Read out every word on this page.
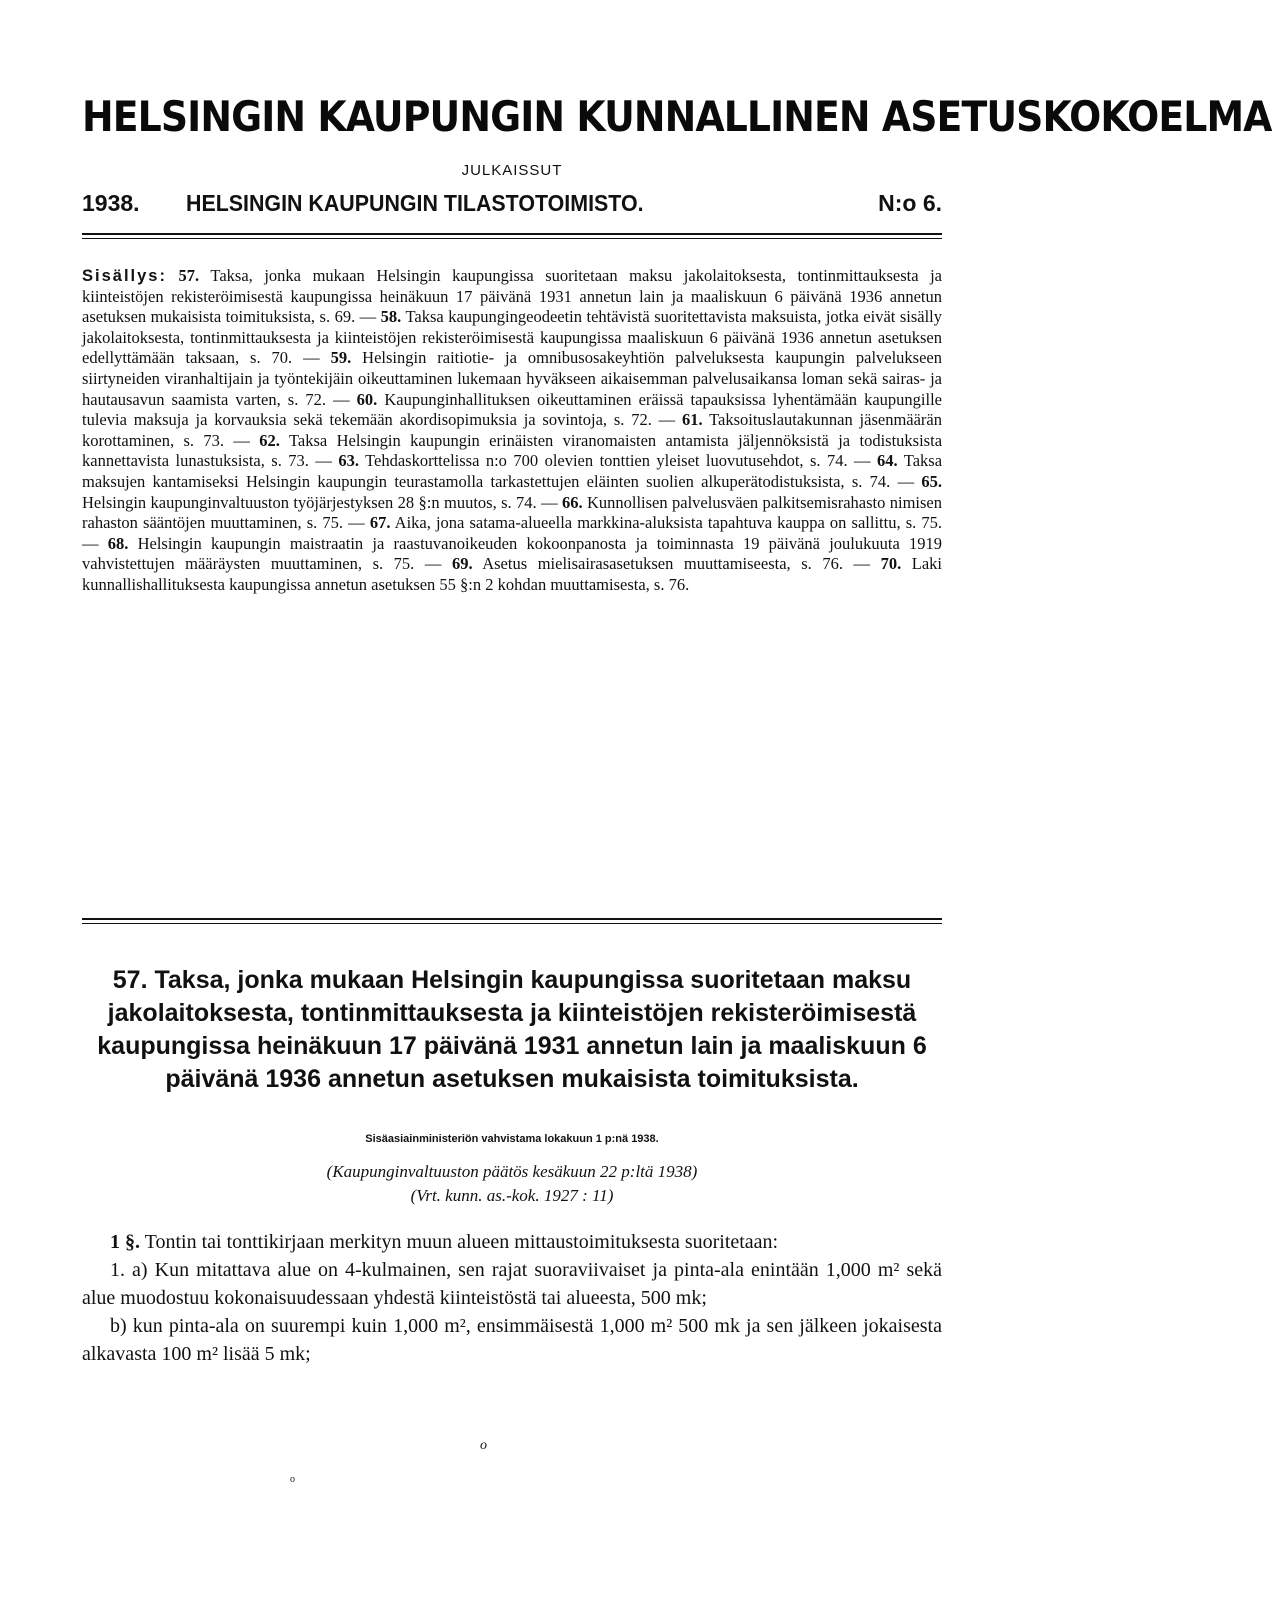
HELSINGIN KAUPUNGIN KUNNALLINEN ASETUSKOKOELMA
JULKAISSUT
1938. HELSINGIN KAUPUNGIN TILASTOTOIMISTO.	N:o 6.
Sisällys: 57. Taksa, jonka mukaan Helsingin kaupungissa suoritetaan maksu jakolaitoksesta, tontinmittauksesta ja kiinteistöjen rekisteröimisestä kaupungissa heinäkuun 17 päivänä 1931 annetun lain ja maaliskuun 6 päivänä 1936 annetun asetuksen mukaisista toimituksista, s. 69. — 58. Taksa kaupungingeodeetin tehtävistä suoritettavista maksuista, jotka eivät sisälly jakolaitoksesta, tontinmittauksesta ja kiinteistöjen rekisteröimisestä kaupungissa maaliskuun 6 päivänä 1936 annetun asetuksen edellyttämään taksaan, s. 70. — 59. Helsingin raitiotie- ja omnibusosakeyhtiön palveluksesta kaupungin palvelukseen siirtyneiden viranhaltijain ja työntekijäin oikeuttaminen lukemaan hyväkseen aikaisemman palvelusaikansa loman sekä sairas- ja hautausavun saamista varten, s. 72. — 60. Kaupunginhallituksen oikeuttaminen eräissä tapauksissa lyhentämään kaupungille tulevia maksuja ja korvauksia sekä tekemään akordisopimuksia ja sovintoja, s. 72. — 61. Taksoituslautakunnan jäsenmäärän korottaminen, s. 73. — 62. Taksa Helsingin kaupungin erinäisten viranomaisten antamista jäljennöksistä ja todistuksista kannettavista lunastuksista, s. 73. — 63. Tehdaskorttelissa n:o 700 olevien tonttien yleiset luovutusehdot, s. 74. — 64. Taksa maksujen kantamiseksi Helsingin kaupungin teurastamolla tarkastettujen eläinten suolien alkuperätodistuksista, s. 74. — 65. Helsingin kaupunginvaltuuston työjärjestyksen 28 §:n muutos, s. 74. — 66. Kunnollisen palvelusväen palkitsemisrahasto nimisen rahaston sääntöjen muuttaminen, s. 75. — 67. Aika, jona satama-alueella markkina-aluksista tapahtuva kauppa on sallittu, s. 75. — 68. Helsingin kaupungin maistraatin ja raastuvanoikeuden kokoonpanosta ja toiminnasta 19 päivänä joulukuuta 1919 vahvistettujen määräysten muuttaminen, s. 75. — 69. Asetus mielisairasasetuksen muuttamiseesta, s. 76. — 70. Laki kunnallishallituksesta kaupungissa annetun asetuksen 55 §:n 2 kohdan muuttamisesta, s. 76.
57. Taksa, jonka mukaan Helsingin kaupungissa suoritetaan maksu jakolaitoksesta, tontinmittauksesta ja kiinteistöjen rekisteröimisestä kaupungissa heinäkuun 17 päivänä 1931 annetun lain ja maaliskuun 6 päivänä 1936 annetun asetuksen mukaisista toimituksista.
Sisäasiainministeriön vahvistama lokakuun 1 p:nä 1938.
(Kaupunginvaltuuston päätös kesäkuun 22 p:ltä 1938)
(Vrt. kunn. as.-kok. 1927 : 11)

1 §. Tontin tai tonttikirjaan merkityn muun alueen mittaustoimituksesta suoritetaan:

1. a) Kun mitattava alue on 4-kulmainen, sen rajat suoraviivaiset ja pinta-ala enintään 1,000 m² sekä alue muodostuu kokonaisuudessaan yhdestä kiinteistöstä tai alueesta, 500 mk;

b) kun pinta-ala on suurempi kuin 1,000 m², ensimmäisestä 1,000 m² 500 mk ja sen jälkeen jokaisesta alkavasta 100 m² lisää 5 mk;

o
o
